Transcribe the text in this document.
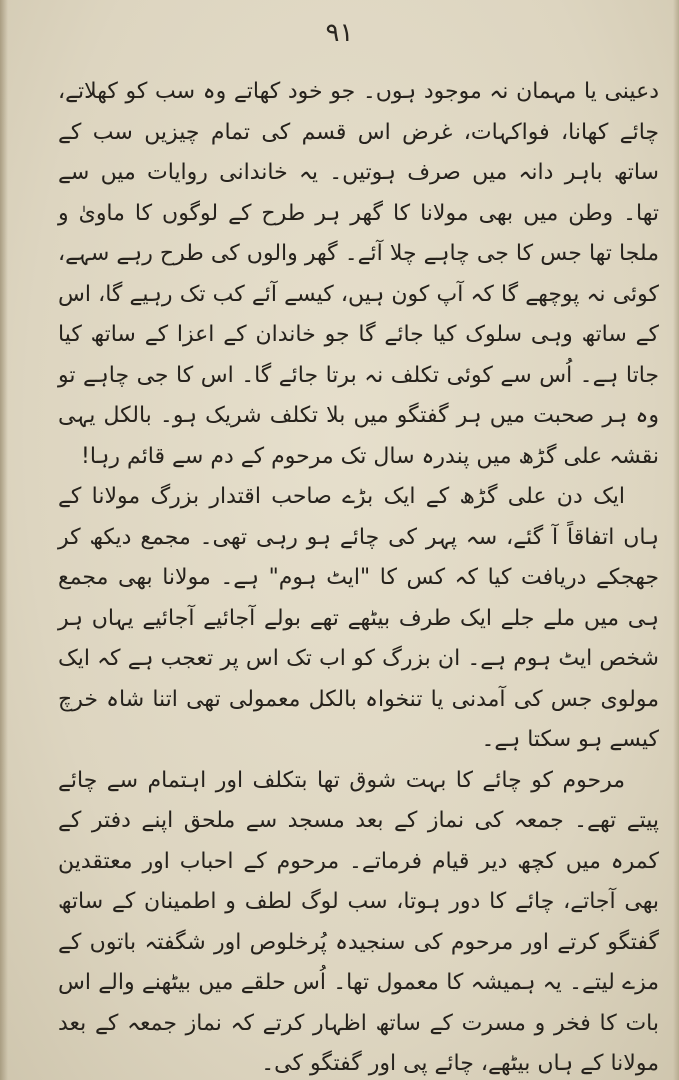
۹۱

دعینی یا مہمان نہ موجود ہوں۔ جو خود کھاتے وہ سب کو کھلاتے، چائے کھانا، فواکہات، غرض اس قسم کی تمام چیزیں سب کے ساتھ باہر دانہ میں صرف ہوتیں۔ یہ خاندانی روایات میں سے تھا۔ وطن میں بھی مولانا کا گھر ہر طرح کے لوگوں کا ماویٰ و ملجا تھا جس کا جی چاہے چلا آئے۔ گھر والوں کی طرح رہے سہے، کوئی نہ پوچھے گا کہ آپ کون ہیں، کیسے آئے کب تک رہیے گا، اس کے ساتھ وہی سلوک کیا جائے گا جو خاندان کے اعزا کے ساتھ کیا جاتا ہے۔ اُس سے کوئی تکلف نہ برتا جائے گا۔ اس کا جی چاہے تو وہ ہر صحبت میں ہر گفتگو میں بلا تکلف شریک ہو۔ بالکل یہی نقشہ علی گڑھ میں پندرہ سال تک مرحوم کے دم سے قائم رہا!

ایک دن علی گڑھ کے ایک بڑے صاحب اقتدار بزرگ مولانا کے ہاں اتفاقاً آ گئے، سہ پہر کی چائے ہو رہی تھی۔ مجمع دیکھ کر جھجکے دریافت کیا کہ کس کا "ایٹ ہوم" ہے۔ مولانا بھی مجمع ہی میں ملے جلے ایک طرف بیٹھے تھے بولے آجائیے آجائیے یہاں ہر شخص ایٹ ہوم ہے۔ ان بزرگ کو اب تک اس پر تعجب ہے کہ ایک مولوی جس کی آمدنی یا تنخواہ بالکل معمولی تھی اتنا شاہ خرچ کیسے ہو سکتا ہے۔

مرحوم کو چائے کا بہت شوق تھا بتکلف اور اہتمام سے چائے پیتے تھے۔ جمعہ کی نماز کے بعد مسجد سے ملحق اپنے دفتر کے کمرہ میں کچھ دیر قیام فرماتے۔ مرحوم کے احباب اور معتقدین بھی آجاتے، چائے کا دور ہوتا، سب لوگ لطف و اطمینان کے ساتھ گفتگو کرتے اور مرحوم کی سنجیدہ پُرخلوص اور شگفتہ باتوں کے مزے لیتے۔ یہ ہمیشہ کا معمول تھا۔ اُس حلقے میں بیٹھنے والے اس بات کا فخر و مسرت کے ساتھ اظہار کرتے کہ نماز جمعہ کے بعد مولانا کے ہاں بیٹھے، چائے پی اور گفتگو کی۔
